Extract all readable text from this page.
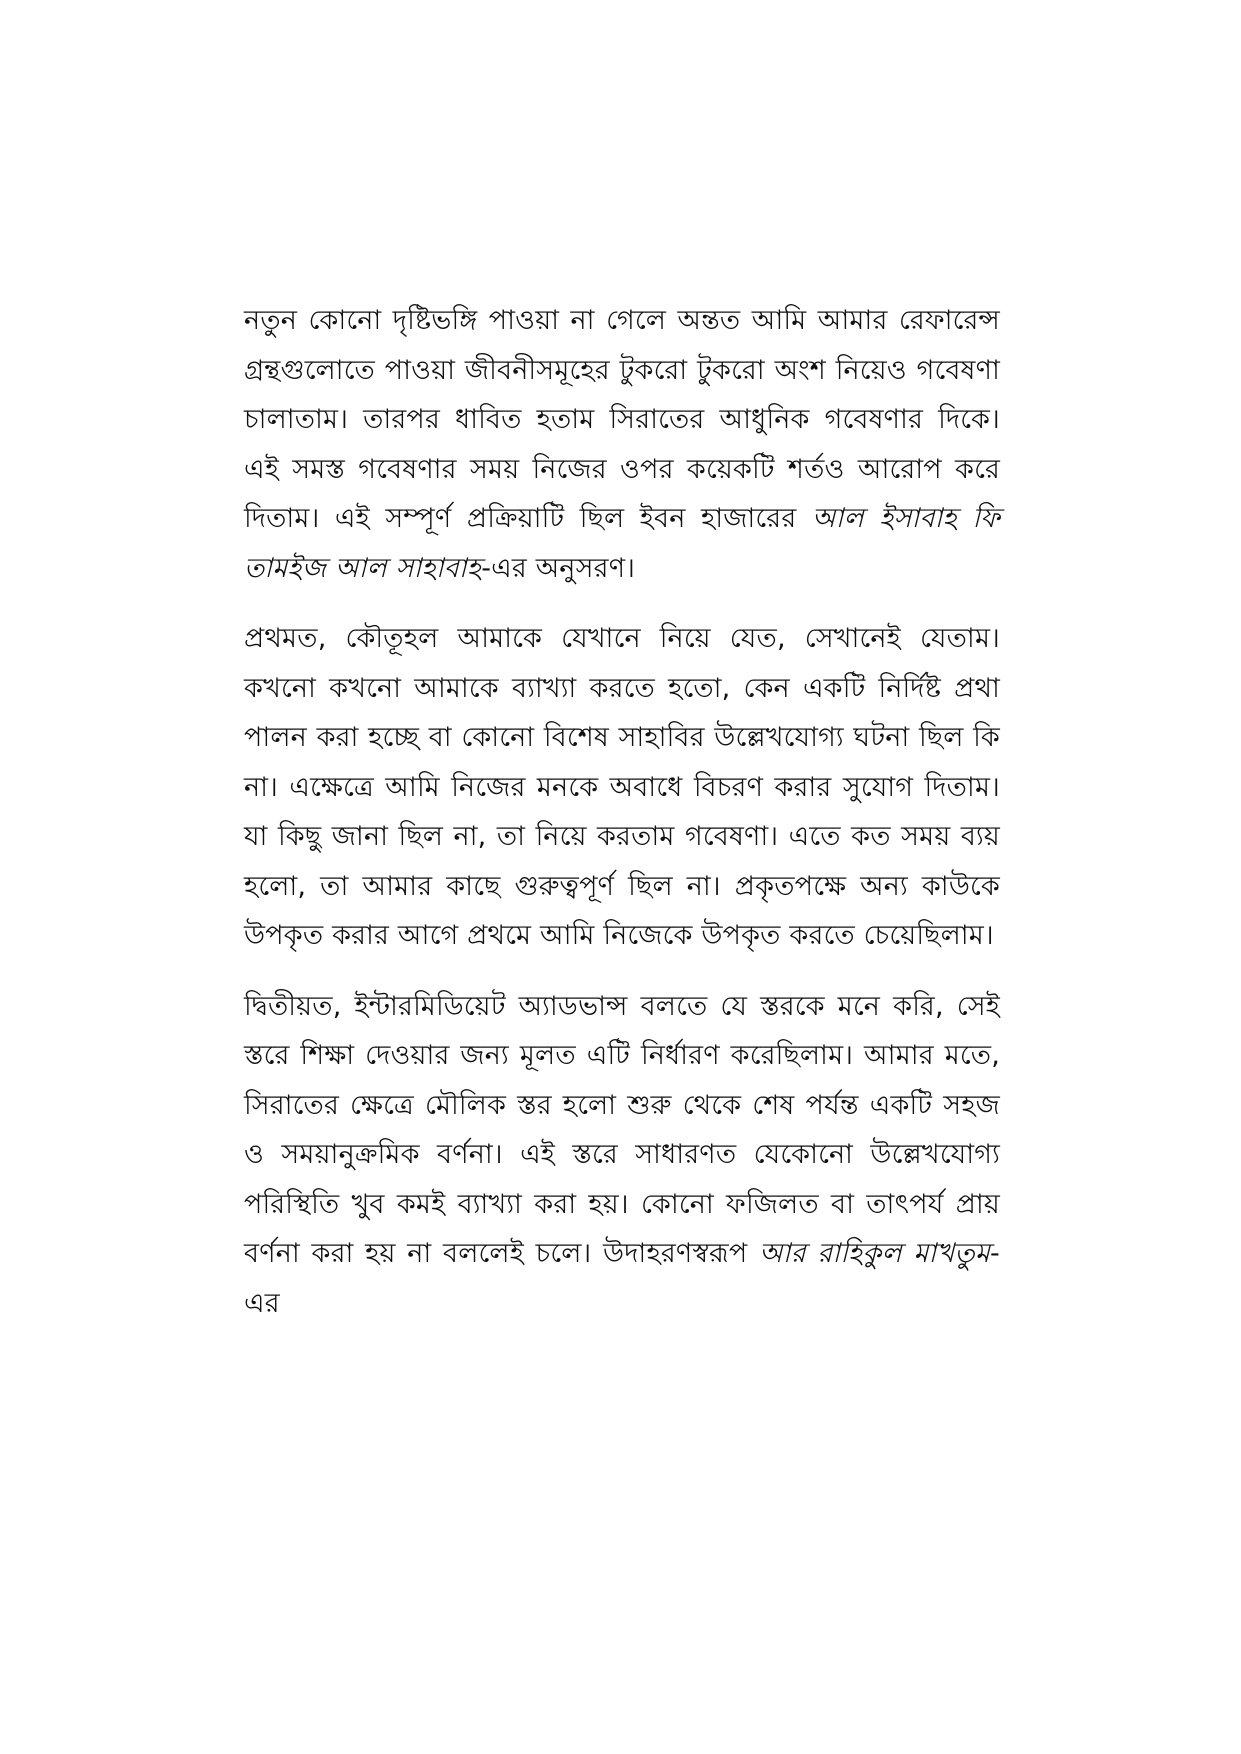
নতুন কোনো দৃষ্টিভঙ্গি পাওয়া না গেলে অন্তত আমি আমার রেফারেন্স গ্রন্থগুলোতে পাওয়া জীবনীসমূহের টুকরো টুকরো অংশ নিয়েও গবেষণা চালাতাম। তারপর ধাবিত হতাম সিরাতের আধুনিক গবেষণার দিকে। এই সমস্ত গবেষণার সময় নিজের ওপর কয়েকটি শর্তও আরোপ করে দিতাম। এই সম্পূর্ণ প্রক্রিয়াটি ছিল ইবন হাজারের আল ইসাবাহ ফি তামইজ আল সাহাবাহ-এর অনুসরণ।

প্রথমত, কৌতূহল আমাকে যেখানে নিয়ে যেত, সেখানেই যেতাম। কখনো কখনো আমাকে ব্যাখ্যা করতে হতো, কেন একটি নির্দিষ্ট প্রথা পালন করা হচ্ছে বা কোনো বিশেষ সাহাবির উল্লেখযোগ্য ঘটনা ছিল কি না। এক্ষেত্রে আমি নিজের মনকে অবাধে বিচরণ করার সুযোগ দিতাম। যা কিছু জানা ছিল না, তা নিয়ে করতাম গবেষণা। এতে কত সময় ব্যয় হলো, তা আমার কাছে গুরুত্বপূর্ণ ছিল না। প্রকৃতপক্ষে অন্য কাউকে উপকৃত করার আগে প্রথমে আমি নিজেকে উপকৃত করতে চেয়েছিলাম।

দ্বিতীয়ত, ইন্টারমিডিয়েট অ্যাডভান্স বলতে যে স্তরকে মনে করি, সেই স্তরে শিক্ষা দেওয়ার জন্য মূলত এটি নির্ধারণ করেছিলাম। আমার মতে, সিরাতের ক্ষেত্রে মৌলিক স্তর হলো শুরু থেকে শেষ পর্যন্ত একটি সহজ ও সময়ানুক্রমিক বর্ণনা। এই স্তরে সাধারণত যেকোনো উল্লেখযোগ্য পরিস্থিতি খুব কমই ব্যাখ্যা করা হয়। কোনো ফজিলত বা তাৎপর্য প্রায় বর্ণনা করা হয় না বললেই চলে। উদাহরণস্বরূপ আর রাহিকুল মাখতুম-এর
